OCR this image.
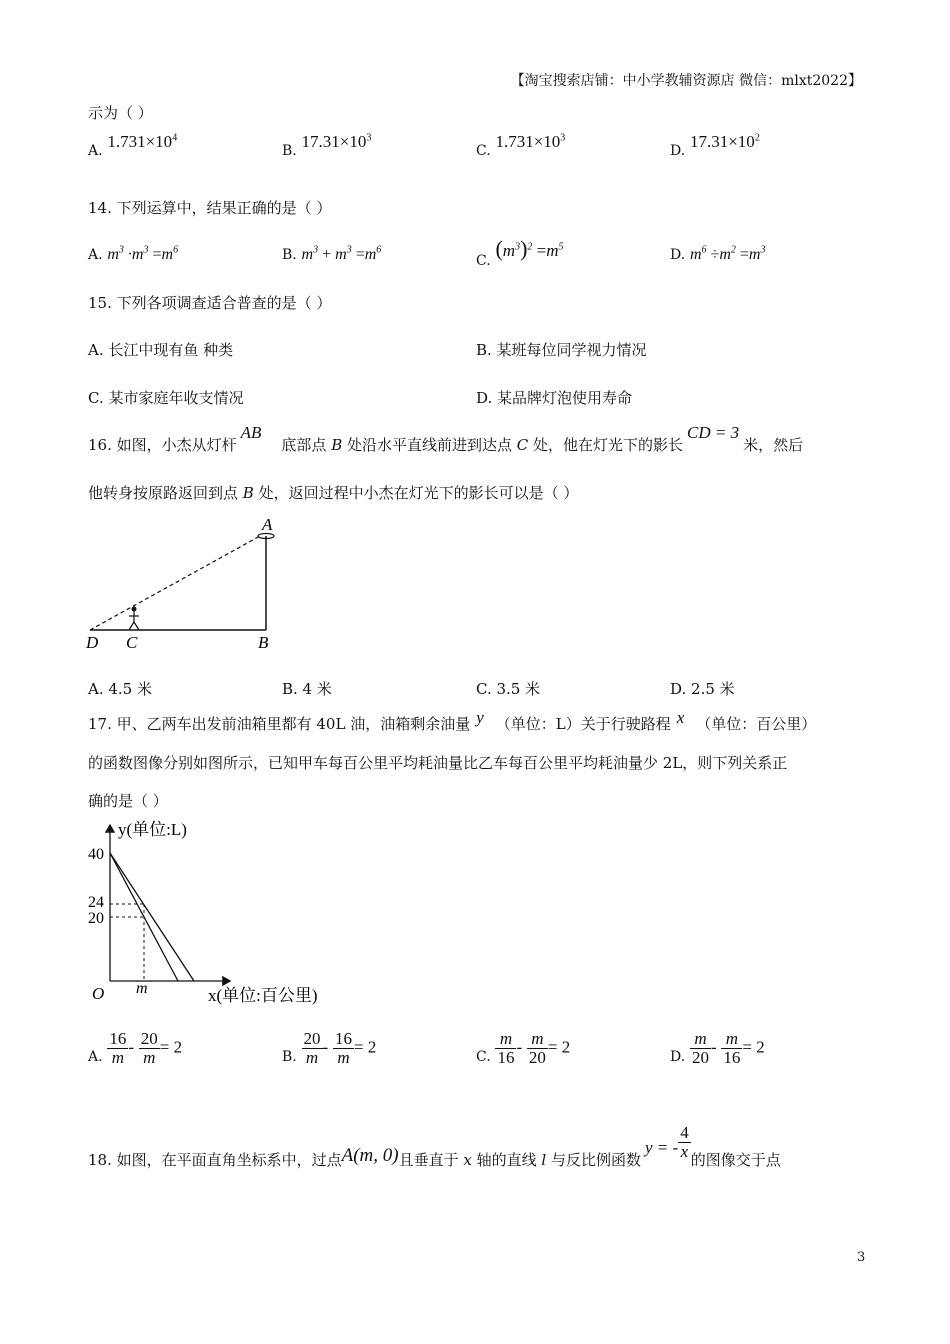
【淘宝搜索店铺：中小学教辅资源店 微信：mlxt2022】
示为（ ）
A. $1.731\times 10^4$
B. $17.31\times 10^3$
C. $1.731\times 10^3$
D. $17.31\times 10^2$
14. 下列运算中，结果正确的是（ ）
A. $m^3 \cdot m^3 =m^6$	B. $m^3 + m^3 =m^6$
C. $(m^3)^2 =m^5$
D. $m^6 \div m^2 =m^3$
15. 下列各项调查适合普查的是（ ）
A. 长江中现有鱼 种类	B. 某班每位同学视力情况
C. 某市家庭年收支情况	D. 某品牌灯泡使用寿命
16. 如图，小杰从灯杆AB底部点 B 处沿水平直线前进到达点 C 处，他在灯光下的影长CD = 3米，然后
他转身按原路返回到点 B 处，返回过程中小杰在灯光下的影长可以是（ ）
A
B
C
D
A. 4.5 米	B. 4 米	C. 3.5 米	D. 2.5 米
17. 甲、乙两车出发前油箱里都有 40L 油，油箱剩余油量 y （单位：L）关于行驶路程 x （单位：百公里）
的函数图像分别如图所示，已知甲车每百公里平均耗油量比乙车每百公里平均耗油量少 2L，则下列关系正
确的是（ ）
y(单位:L)
x(单位:百公里)
O m
40
24
20
A. $\frac{16}{m} - \frac{20}{m} = 2$	B. $\frac{20}{m} - \frac{16}{m} = 2$	C. $\frac{m}{16} - \frac{m}{20} = 2$	D. $\frac{m}{20} - \frac{m}{16} = 2$
18. 如图，在平面直角坐标系中，过点A(m, 0)且垂直于 x 轴的直线 l 与反比例函数y = - $\frac{4}{x}$ 的图像交于点
3
